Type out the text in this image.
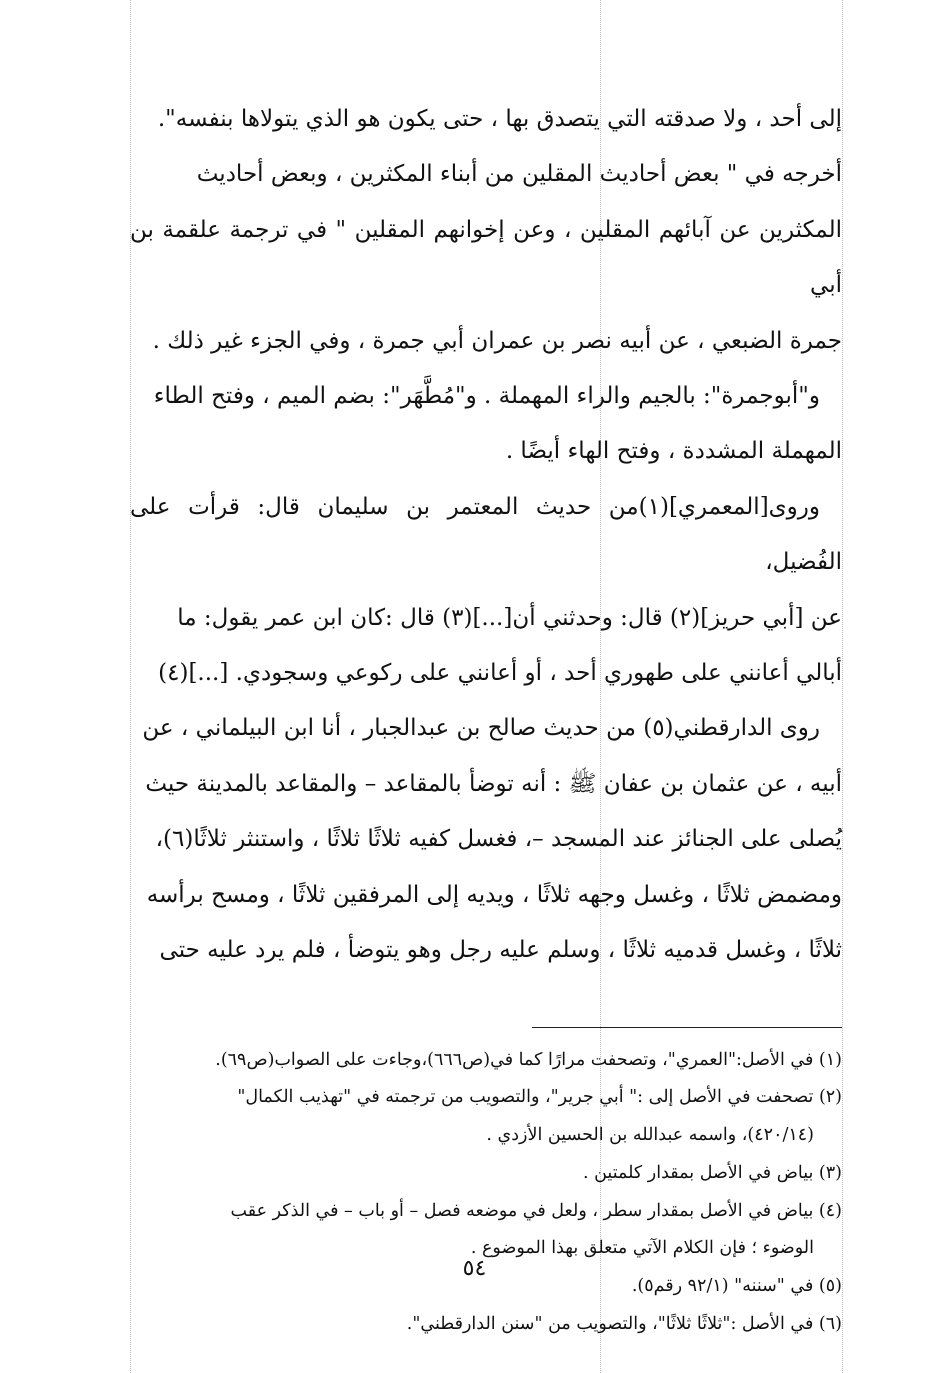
إلى أحد ، ولا صدقته التي يتصدق بها ، حتى يكون هو الذي يتولاها بنفسه".

أخرجه في " بعض أحاديث المقلين من أبناء المكثرين ، وبعض أحاديث

المكثرين عن آبائهم المقلين ، وعن إخوانهم المقلين " في ترجمة علقمة بن أبي

جمرة الضبعي ، عن أبيه نصر بن عمران أبي جمرة ، وفي الجزء غير ذلك .

و"أبوجمرة": بالجيم والراء المهملة . و"مُطَّهَر": بضم الميم ، وفتح الطاء

المهملة المشددة ، وفتح الهاء أيضًا .

وروى[المعمري](١)من حديث المعتمر بن سليمان قال: قرأت على الفُضيل،

عن [أبي حريز](٢) قال: وحدثني أن[...](٣) قال :كان ابن عمر يقول: ما

أبالي أعانني على طهوري أحد ، أو أعانني على ركوعي وسجودي. [...](٤)

روى الدارقطني(٥) من حديث صالح بن عبدالجبار ، أنا ابن البيلماني ، عن

أبيه ، عن عثمان بن عفان ﷺ : أنه توضأ بالمقاعد – والمقاعد بالمدينة حيث

يُصلى على الجنائز عند المسجد –، فغسل كفيه ثلاثًا ثلاثًا ، واستنثر ثلاثًا(٦)،

ومضمض ثلاثًا ، وغسل وجهه ثلاثًا ، ويديه إلى المرفقين ثلاثًا ، ومسح برأسه

ثلاثًا ، وغسل قدميه ثلاثًا ، وسلم عليه رجل وهو يتوضأ ، فلم يرد عليه حتى

(١) في الأصل:"العمري"، وتصحفت مرارًا كما في(ص٦٦٦)،وجاءت على الصواب(ص٦٩).

(٢) تصحفت في الأصل إلى :" أبي جرير"، والتصويب من ترجمته في "تهذيب الكمال"

(٤٢٠/١٤)، واسمه عبدالله بن الحسين الأزدي .

(٣) بياض في الأصل بمقدار كلمتين .

(٤) بياض في الأصل بمقدار سطر ، ولعل في موضعه فصل – أو باب – في الذكر عقب

الوضوء ؛ فإن الكلام الآتي متعلق بهذا الموضوع .

(٥) في "سننه" (٩٢/١ رقم٥).

(٦) في الأصل :"ثلاثًا ثلاثًا"، والتصويب من "سنن الدارقطني".

٥٤
